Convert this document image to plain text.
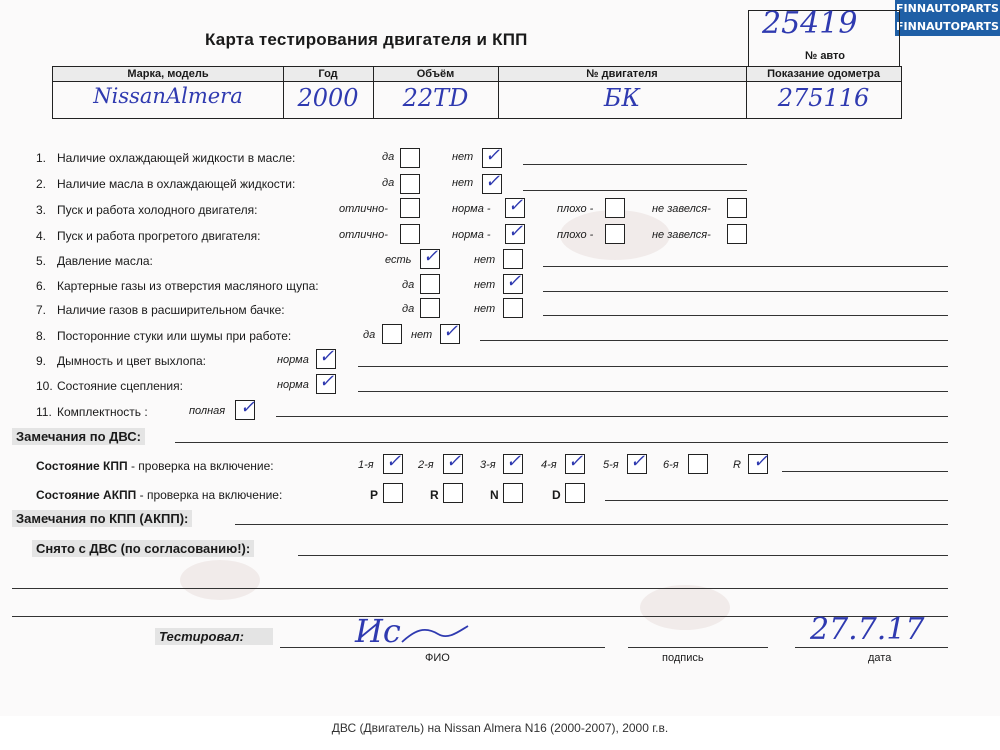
FINNAUTOPARTS
FINNAUTOPARTS
Карта тестирования двигателя и КПП	25419
№ авто
Марка, модель	Год	Объём	№ двигателя	Показание одометра
NissanAlmera	2000	22ТD	БК	275116
1. Наличие охлаждающей жидкости в масле:	да	нет ✓
2. Наличие масла в охлаждающей жидкости:	да	нет ✓
3. Пуск и работа холодного двигателя:	отлично-	норма - ✓	плохо -	не завелся-
4. Пуск и работа прогретого двигателя:	отлично-	норма - ✓	плохо -	не завелся-
5. Давление масла:	есть ✓	нет
6. Картерные газы из отверстия масляного щупа:	да	нет ✓
7. Наличие газов в расширительном бачке:	да	нет
8. Посторонние стуки или шумы при работе:	да	нет ✓
9. Дымность и цвет выхлопа:	норма ✓
10. Состояние сцепления:	норма ✓
11. Комплектность :	полная ✓
Замечания по ДВС:
Состояние КПП - проверка на включение:	1-я ✓ 2-я ✓ 3-я ✓ 4-я ✓ 5-я ✓ 6-я	R ✓
Состояние АКПП - проверка на включение:	P	R	N	D
Замечания по КПП (АКПП):
Снято с ДВС (по согласованию!):
Тестировал:	Ис	27.7.17
ФИО	подпись	дата
ДВС (Двигатель) на Nissan Almera N16 (2000-2007), 2000 г.в.
